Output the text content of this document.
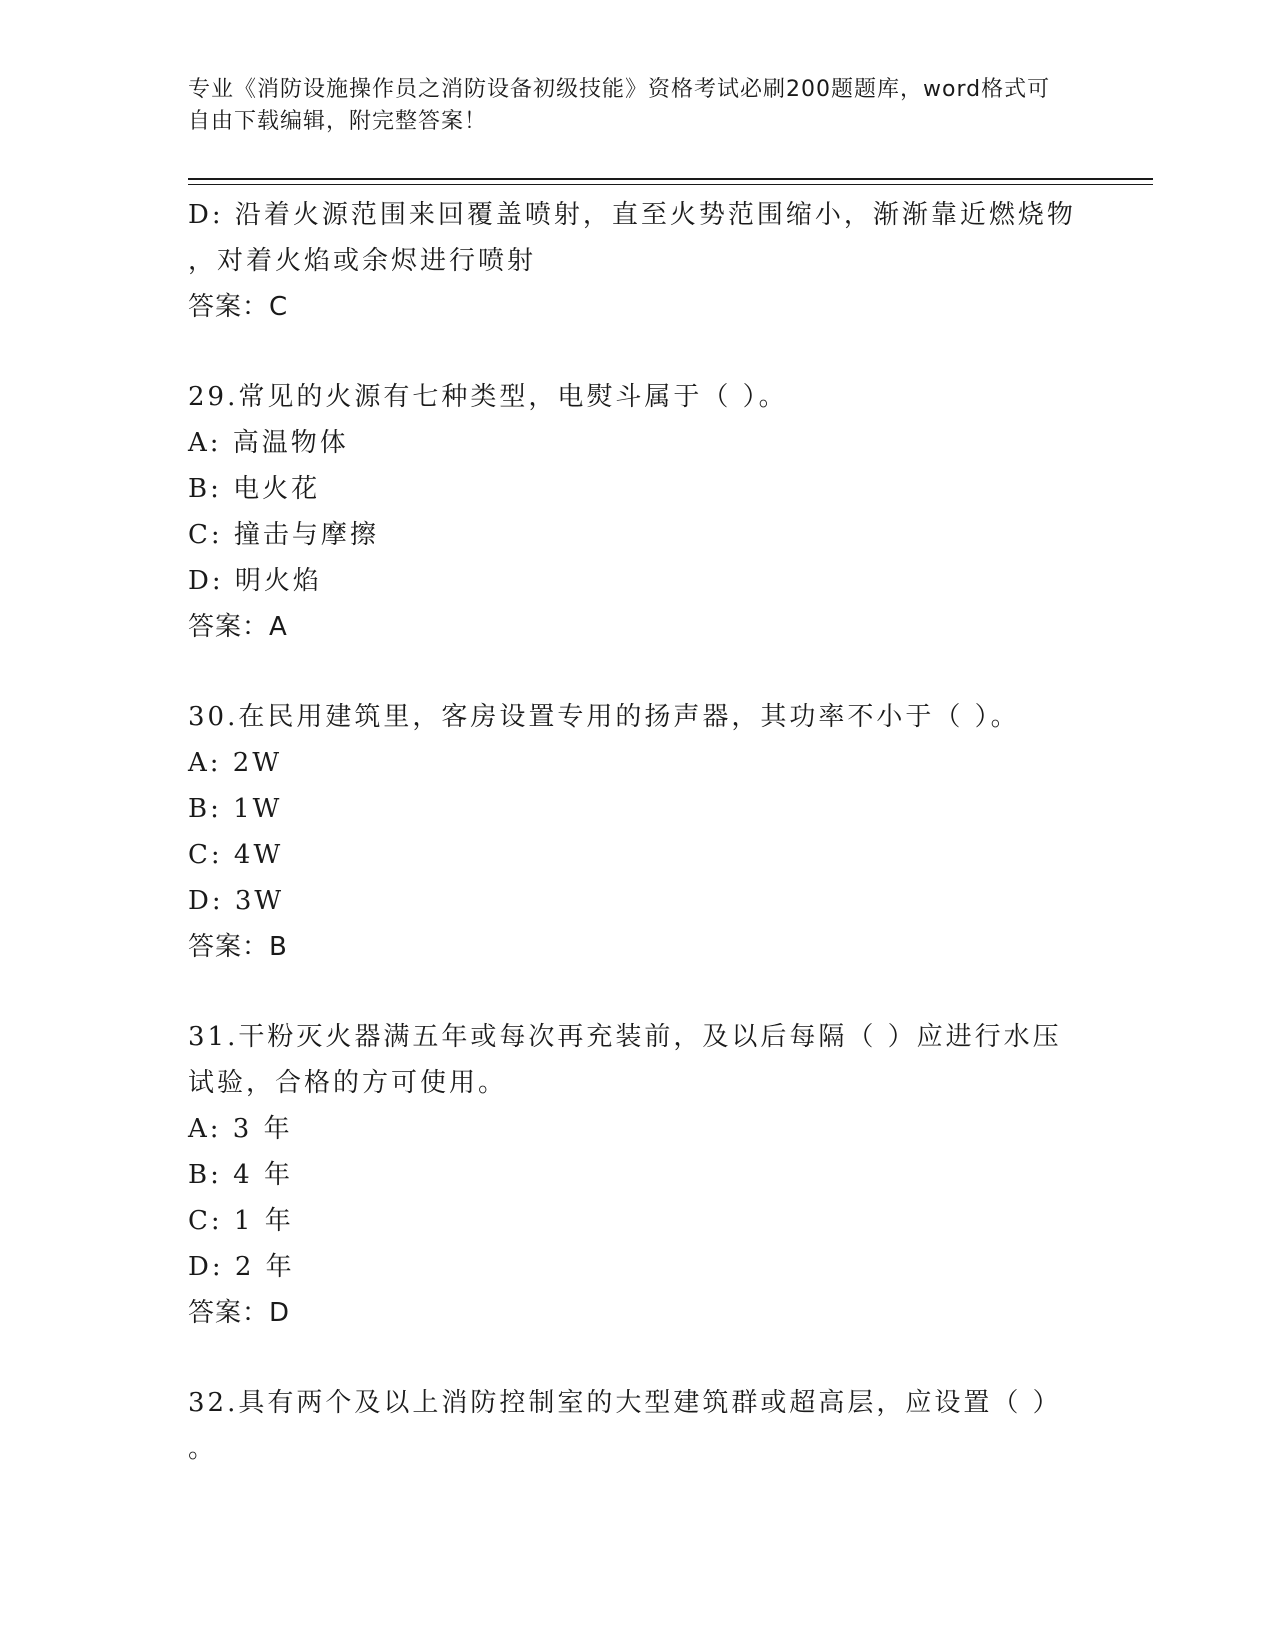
专业《消防设施操作员之消防设备初级技能》资格考试必刷200题题库，word格式可自由下载编辑，附完整答案！
D: 沿着火源范围来回覆盖喷射，直至火势范围缩小，渐渐靠近燃烧物
，对着火焰或余烬进行喷射
答案：C
29.常见的火源有七种类型，电熨斗属于（ ）。
A: 高温物体
B: 电火花
C: 撞击与摩擦
D: 明火焰
答案：A
30.在民用建筑里，客房设置专用的扬声器，其功率不小于（ ）。
A: 2W
B: 1W
C: 4W
D: 3W
答案：B
31.干粉灭火器满五年或每次再充装前，及以后每隔（ ）应进行水压
试验，合格的方可使用。
A: 3 年
B: 4 年
C: 1 年
D: 2 年
答案：D
32.具有两个及以上消防控制室的大型建筑群或超高层，应设置（ ）
。
